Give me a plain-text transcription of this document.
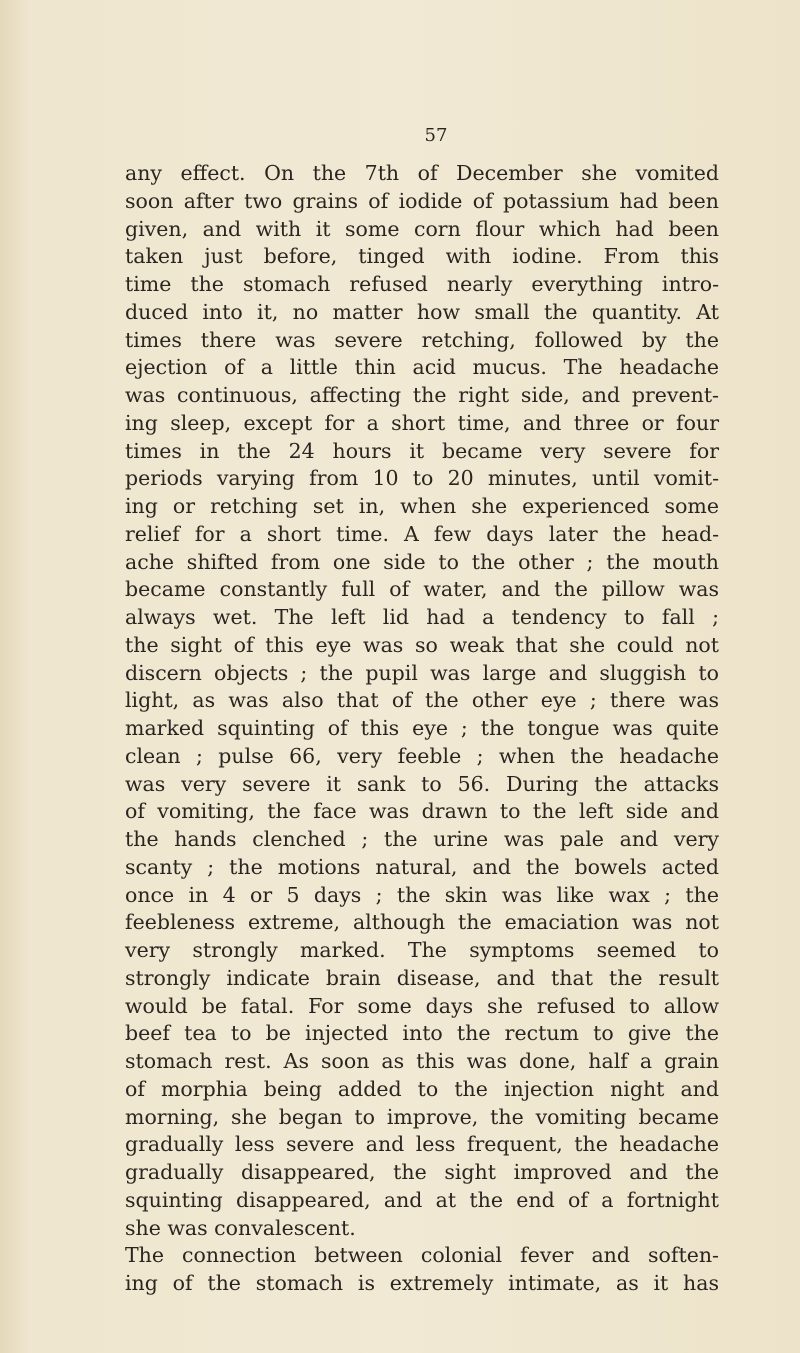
57
any effect. On the 7th of December she vomited
soon after two grains of iodide of potassium had been
given, and with it some corn flour which had been
taken just before, tinged with iodine. From this
time the stomach refused nearly everything intro-
duced into it, no matter how small the quantity. At
times there was severe retching, followed by the
ejection of a little thin acid mucus. The headache
was continuous, affecting the right side, and prevent-
ing sleep, except for a short time, and three or four
times in the 24 hours it became very severe for
periods varying from 10 to 20 minutes, until vomit-
ing or retching set in, when she experienced some
relief for a short time. A few days later the head-
ache shifted from one side to the other ; the mouth
became constantly full of water, and the pillow was
always wet. The left lid had a tendency to fall ;
the sight of this eye was so weak that she could not
discern objects ; the pupil was large and sluggish to
light, as was also that of the other eye ; there was
marked squinting of this eye ; the tongue was quite
clean ; pulse 66, very feeble ; when the headache
was very severe it sank to 56. During the attacks
of vomiting, the face was drawn to the left side and
the hands clenched ; the urine was pale and very
scanty ; the motions natural, and the bowels acted
once in 4 or 5 days ; the skin was like wax ; the
feebleness extreme, although the emaciation was not
very strongly marked. The symptoms seemed to
strongly indicate brain disease, and that the result
would be fatal. For some days she refused to allow
beef tea to be injected into the rectum to give the
stomach rest. As soon as this was done, half a grain
of morphia being added to the injection night and
morning, she began to improve, the vomiting became
gradually less severe and less frequent, the headache
gradually disappeared, the sight improved and the
squinting disappeared, and at the end of a fortnight
she was convalescent.
The connection between colonial fever and soften-
ing of the stomach is extremely intimate, as it has
